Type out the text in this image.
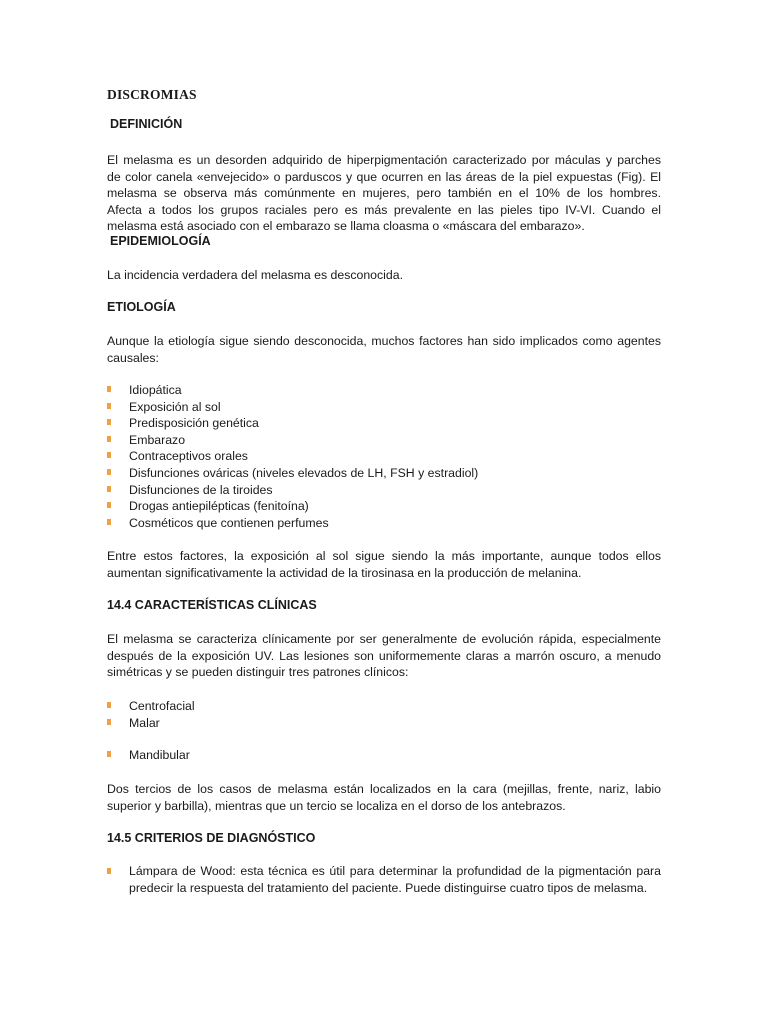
DISCROMIAS
DEFINICIÓN
El melasma es un desorden adquirido de hiperpigmentación caracterizado por máculas y parches
de color canela «envejecido» o parduscos y que ocurren en las áreas de la piel expuestas (Fig). El
melasma se observa más comúnmente en mujeres, pero también en el 10% de los hombres.
Afecta a todos los grupos raciales pero es más prevalente en las pieles tipo IV-VI. Cuando el
melasma está asociado con el embarazo se llama cloasma o «máscara del embarazo».
EPIDEMIOLOGÍA
La incidencia verdadera del melasma es desconocida.
ETIOLOGÍA
Aunque la etiología sigue siendo desconocida, muchos factores han sido implicados como agentes
causales:
Idiopática
Exposición al sol
Predisposición genética
Embarazo
Contraceptivos orales
Disfunciones ováricas (niveles elevados de LH, FSH y estradiol)
Disfunciones de la tiroides
Drogas antiepilépticas (fenitoína)
Cosméticos que contienen perfumes
Entre estos factores, la exposición al sol sigue siendo la más importante, aunque todos ellos
aumentan significativamente la actividad de la tirosinasa en la producción de melanina.
14.4 CARACTERÍSTICAS CLÍNICAS
El melasma se caracteriza clínicamente por ser generalmente de evolución rápida, especialmente
después de la exposición UV. Las lesiones son uniformemente claras a marrón oscuro, a menudo
simétricas y se pueden distinguir tres patrones clínicos:
Centrofacial
Malar
Mandibular
Dos tercios de los casos de melasma están localizados en la cara (mejillas, frente, nariz, labio
superior y barbilla), mientras que un tercio se localiza en el dorso de los antebrazos.
14.5 CRITERIOS DE DIAGNÓSTICO
Lámpara de Wood: esta técnica es útil para determinar la profundidad de la pigmentación para
predecir la respuesta del tratamiento del paciente. Puede distinguirse cuatro tipos de melasma.
